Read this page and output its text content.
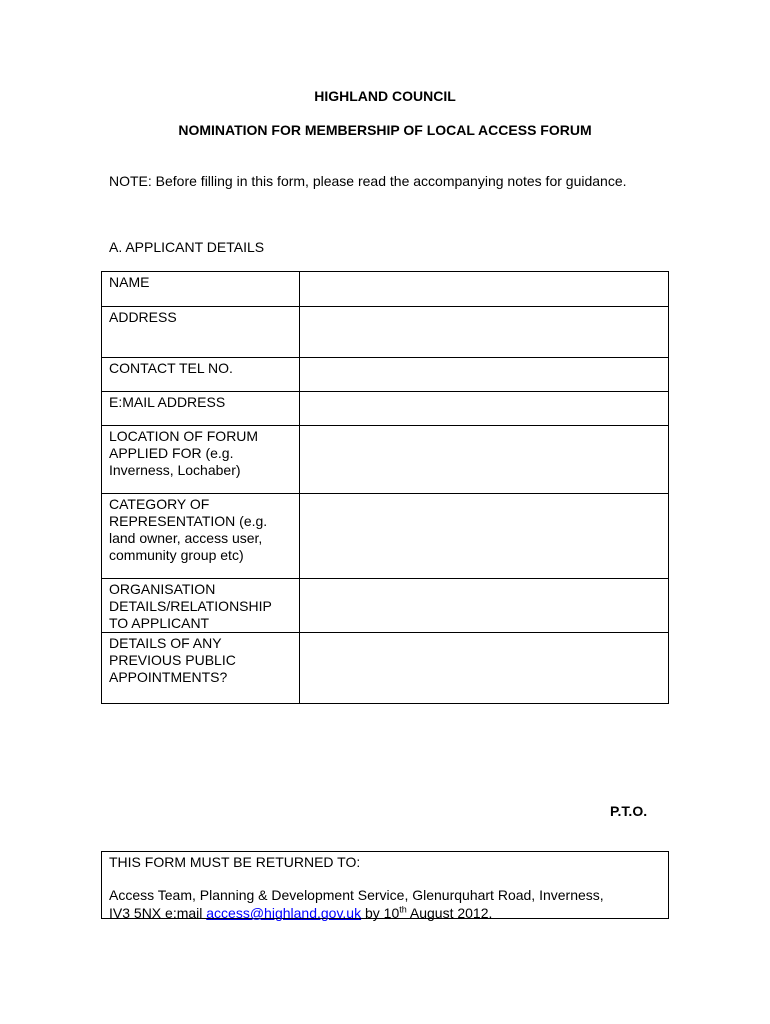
HIGHLAND COUNCIL
NOMINATION FOR MEMBERSHIP OF LOCAL ACCESS FORUM
NOTE: Before filling in this form, please read the accompanying notes for guidance.
A. APPLICANT DETAILS
NAME	
ADDRESS	
CONTACT TEL NO.	
E:MAIL ADDRESS	
LOCATION OF FORUM APPLIED FOR (e.g. Inverness, Lochaber)	
CATEGORY OF REPRESENTATION (e.g. land owner, access user, community group etc)	
ORGANISATION DETAILS/RELATIONSHIP TO APPLICANT	
DETAILS OF ANY PREVIOUS PUBLIC APPOINTMENTS?	
P.T.O.
THIS FORM MUST BE RETURNED TO:
Access Team, Planning & Development Service, Glenurquhart Road, Inverness,
IV3 5NX e:mail access@highland.gov.uk by 10th August 2012.
